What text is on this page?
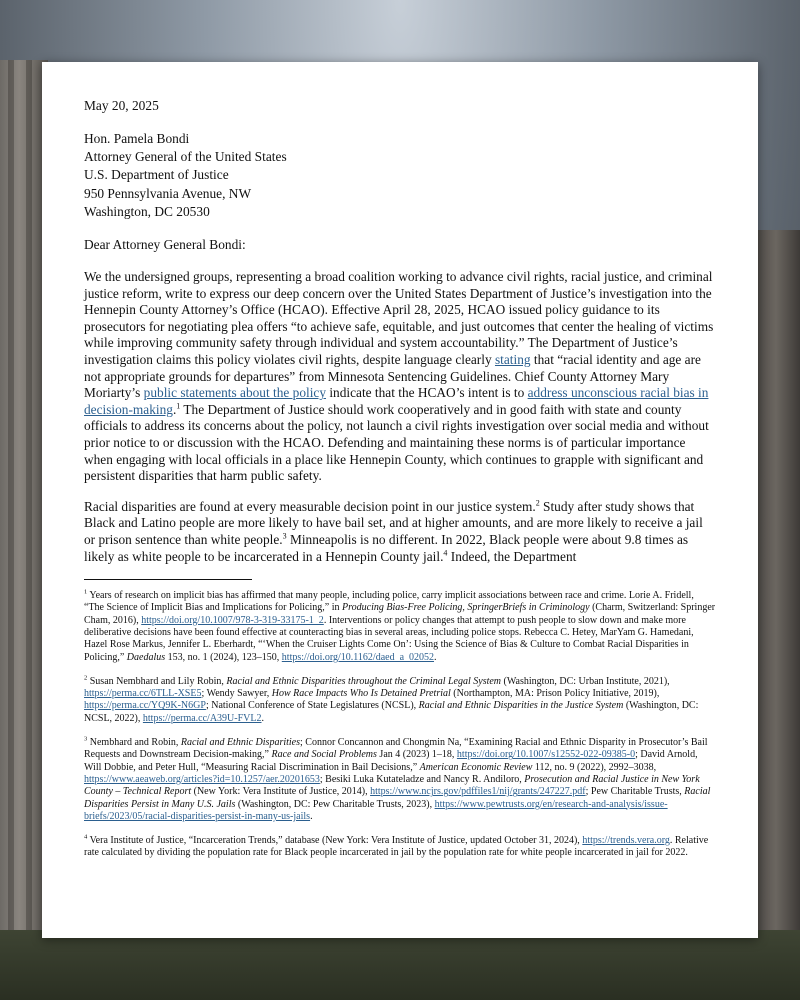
May 20, 2025
Hon. Pamela Bondi
Attorney General of the United States
U.S. Department of Justice
950 Pennsylvania Avenue, NW
Washington, DC 20530
Dear Attorney General Bondi:

We the undersigned groups, representing a broad coalition working to advance civil rights, racial justice, and criminal justice reform, write to express our deep concern over the United States Department of Justice’s investigation into the Hennepin County Attorney’s Office (HCAO). Effective April 28, 2025, HCAO issued policy guidance to its prosecutors for negotiating plea offers “to achieve safe, equitable, and just outcomes that center the healing of victims while improving community safety through individual and system accountability.” The Department of Justice’s investigation claims this policy violates civil rights, despite language clearly stating that “racial identity and age are not appropriate grounds for departures” from Minnesota Sentencing Guidelines. Chief County Attorney Mary Moriarty’s public statements about the policy indicate that the HCAO’s intent is to address unconscious racial bias in decision-making.$^1$ The Department of Justice should work cooperatively and in good faith with state and county officials to address its concerns about the policy, not launch a civil rights investigation over social media and without prior notice to or discussion with the HCAO. Defending and maintaining these norms is of particular importance when engaging with local officials in a place like Hennepin County, which continues to grapple with significant and persistent disparities that harm public safety.

Racial disparities are found at every measurable decision point in our justice system.$^2$ Study after study shows that Black and Latino people are more likely to have bail set, and at higher amounts, and are more likely to receive a jail or prison sentence than white people.$^3$ Minneapolis is no different. In 2022, Black people were about 9.8 times as likely as white people to be incarcerated in a Hennepin County jail.$^4$ Indeed, the Department

$^1$ Years of research on implicit bias has affirmed that many people, including police, carry implicit associations between race and crime. Lorie A. Fridell, “The Science of Implicit Bias and Implications for Policing,” in Producing Bias-Free Policing, SpringerBriefs in Criminology (Charm, Switzerland: Springer Cham, 2016), https://doi.org/10.1007/978-3-319-33175-1_2. Interventions or policy changes that attempt to push people to slow down and make more deliberative decisions have been found effective at counteracting bias in several areas, including police stops. Rebecca C. Hetey, MarYam G. Hamedani, Hazel Rose Markus, Jennifer L. Eberhardt, “‘When the Cruiser Lights Come On’: Using the Science of Bias & Culture to Combat Racial Disparities in Policing,” Daedalus 153, no. 1 (2024), 123–150, https://doi.org/10.1162/daed_a_02052.

$^2$ Susan Nembhard and Lily Robin, Racial and Ethnic Disparities throughout the Criminal Legal System (Washington, DC: Urban Institute, 2021), https://perma.cc/6TLL-XSE5; Wendy Sawyer, How Race Impacts Who Is Detained Pretrial (Northampton, MA: Prison Policy Initiative, 2019), https://perma.cc/YQ9K-N6GP; National Conference of State Legislatures (NCSL), Racial and Ethnic Disparities in the Justice System (Washington, DC: NCSL, 2022), https://perma.cc/A39U-FVL2.

$^3$ Nembhard and Robin, Racial and Ethnic Disparities; Connor Concannon and Chongmin Na, “Examining Racial and Ethnic Disparity in Prosecutor’s Bail Requests and Downstream Decision-making,” Race and Social Problems Jan 4 (2023) 1–18, https://doi.org/10.1007/s12552-022-09385-0; David Arnold, Will Dobbie, and Peter Hull, “Measuring Racial Discrimination in Bail Decisions,” American Economic Review 112, no. 9 (2022), 2992–3038, https://www.aeaweb.org/articles?id=10.1257/aer.20201653; Besiki Luka Kutateladze and Nancy R. Andiloro, Prosecution and Racial Justice in New York County – Technical Report (New York: Vera Institute of Justice, 2014), https://www.ncjrs.gov/pdffiles1/nij/grants/247227.pdf; Pew Charitable Trusts, Racial Disparities Persist in Many U.S. Jails (Washington, DC: Pew Charitable Trusts, 2023), https://www.pewtrusts.org/en/research-and-analysis/issue-briefs/2023/05/racial-disparities-persist-in-many-us-jails.

$^4$ Vera Institute of Justice, “Incarceration Trends,” database (New York: Vera Institute of Justice, updated October 31, 2024), https://trends.vera.org. Relative rate calculated by dividing the population rate for Black people incarcerated in jail by the population rate for white people incarcerated in jail for 2022.
